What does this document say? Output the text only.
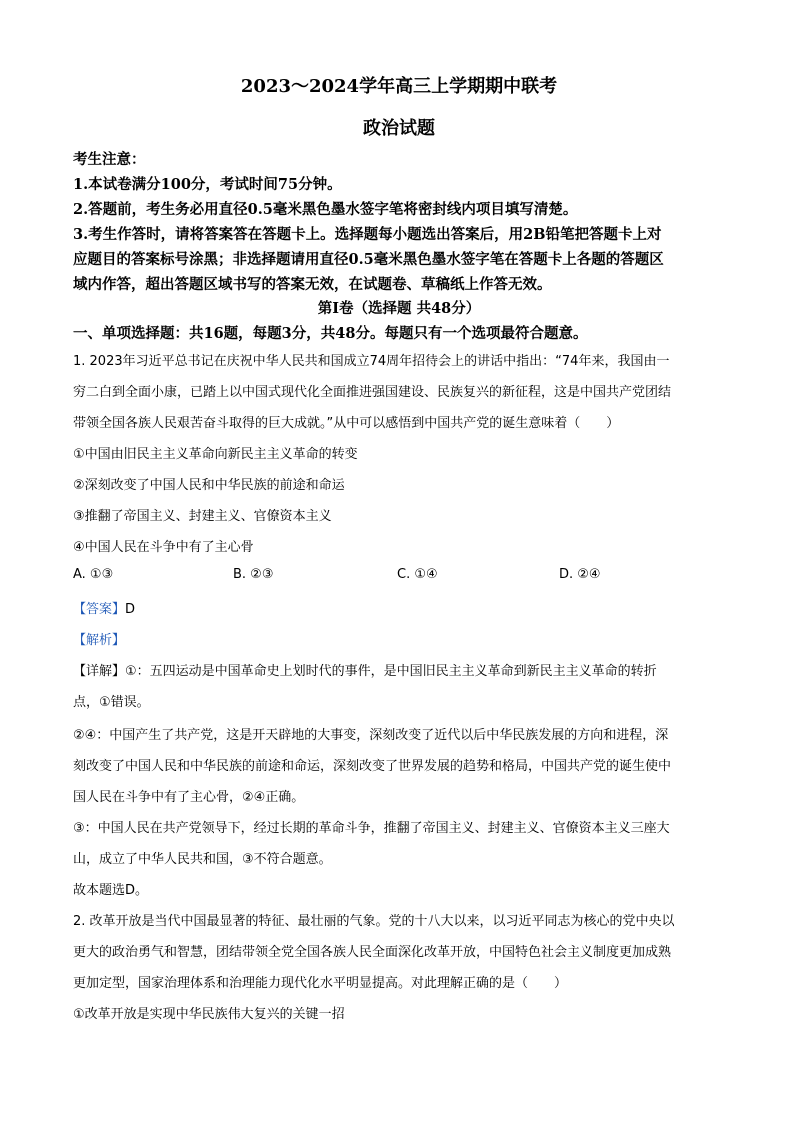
2023～2024学年高三上学期期中联考
政治试题
考生注意：
1.本试卷满分100分，考试时间75分钟。
2.答题前，考生务必用直径0.5毫米黑色墨水签字笔将密封线内项目填写清楚。
3.考生作答时，请将答案答在答题卡上。选择题每小题选出答案后，用2B铅笔把答题卡上对
应题目的答案标号涂黑；非选择题请用直径0.5毫米黑色墨水签字笔在答题卡上各题的答题区
域内作答，超出答题区域书写的答案无效，在试题卷、草稿纸上作答无效。
第Ⅰ卷（选择题 共48分）
一、单项选择题：共16题，每题3分，共48分。每题只有一个选项最符合题意。
1. 2023年习近平总书记在庆祝中华人民共和国成立74周年招待会上的讲话中指出：“74年来，我国由一
穷二白到全面小康，已踏上以中国式现代化全面推进强国建设、民族复兴的新征程，这是中国共产党团结
带领全国各族人民艰苦奋斗取得的巨大成就。”从中可以感悟到中国共产党的诞生意味着（　　）
①中国由旧民主主义革命向新民主主义革命的转变
②深刻改变了中国人民和中华民族的前途和命运
③推翻了帝国主义、封建主义、官僚资本主义
④中国人民在斗争中有了主心骨
A. ①③	B. ②③	C. ①④	D. ②④
【答案】D
【解析】
【详解】①：五四运动是中国革命史上划时代的事件，是中国旧民主主义革命到新民主主义革命的转折
点，①错误。
②④：中国产生了共产党，这是开天辟地的大事变，深刻改变了近代以后中华民族发展的方向和进程，深
刻改变了中国人民和中华民族的前途和命运，深刻改变了世界发展的趋势和格局，中国共产党的诞生使中
国人民在斗争中有了主心骨，②④正确。
③：中国人民在共产党领导下，经过长期的革命斗争，推翻了帝国主义、封建主义、官僚资本主义三座大
山，成立了中华人民共和国，③不符合题意。
故本题选D。
2. 改革开放是当代中国最显著的特征、最壮丽的气象。党的十八大以来，以习近平同志为核心的党中央以
更大的政治勇气和智慧，团结带领全党全国各族人民全面深化改革开放，中国特色社会主义制度更加成熟
更加定型，国家治理体系和治理能力现代化水平明显提高。对此理解正确的是（　　）
①改革开放是实现中华民族伟大复兴的关键一招
